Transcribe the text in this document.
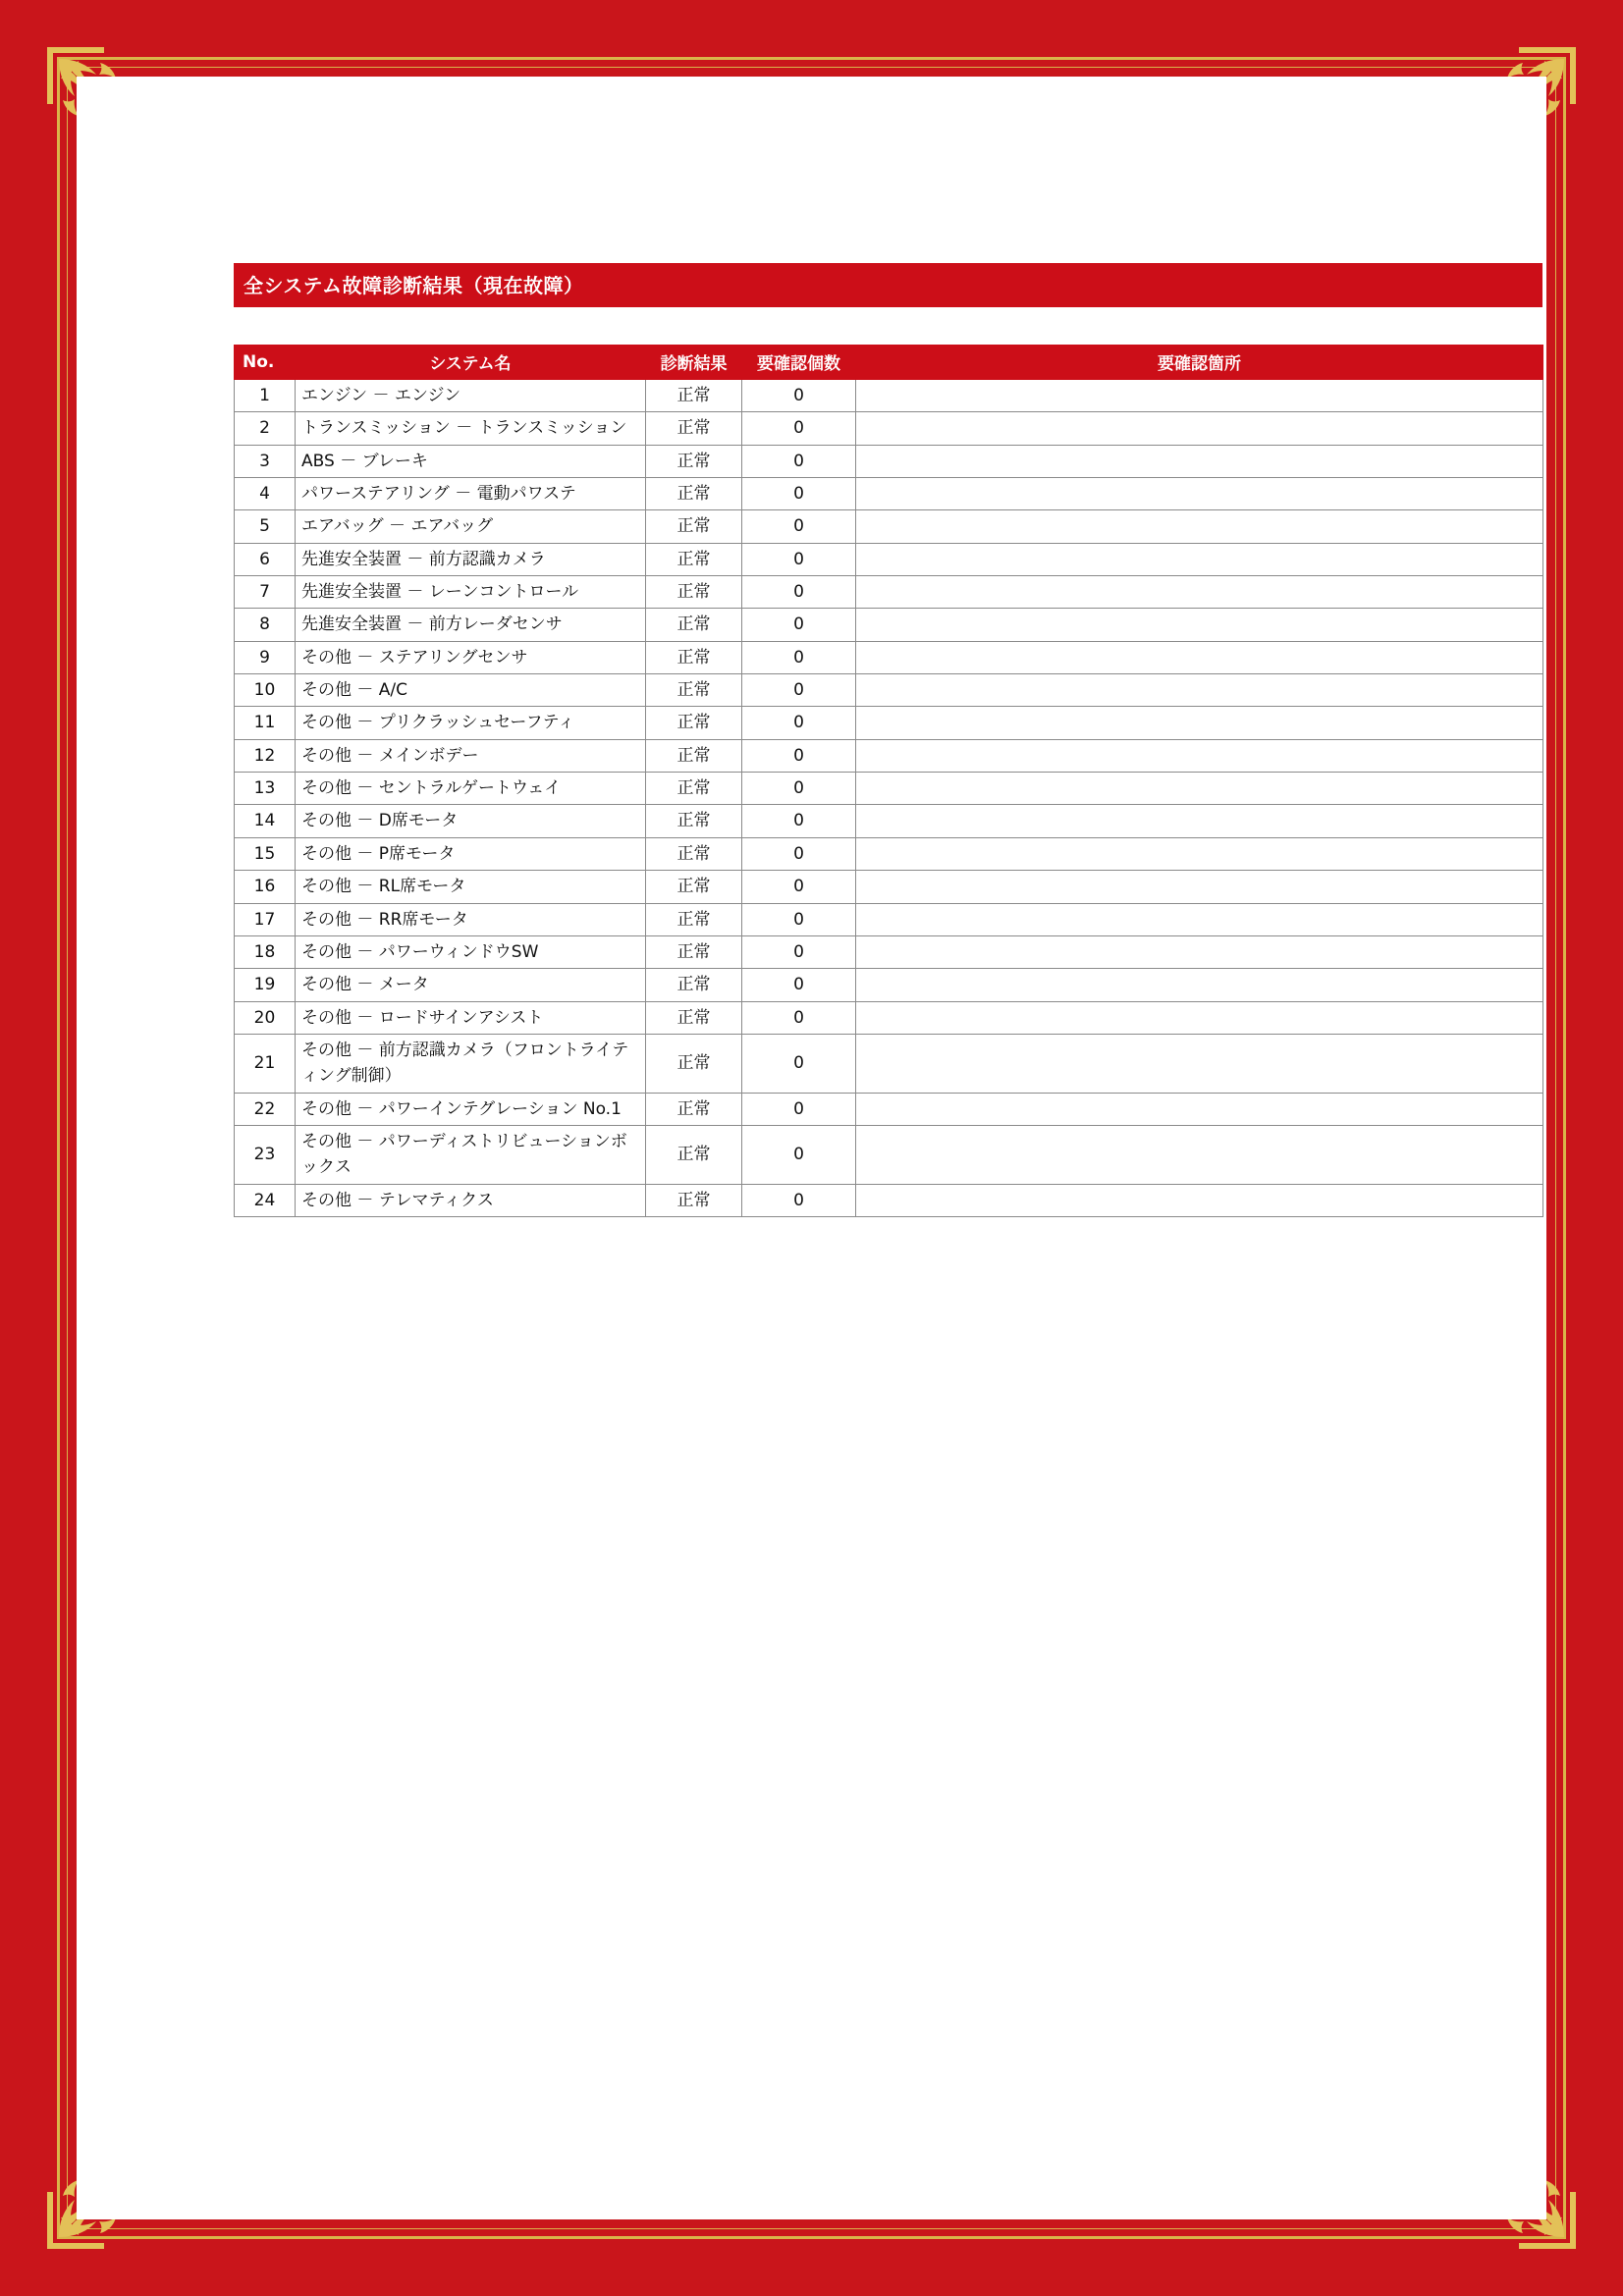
全システム故障診断結果（現在故障）
No.	システム名	診断結果	要確認個数	要確認箇所
1	エンジン － エンジン	正常	0	
2	トランスミッション － トランスミッション	正常	0	
3	ABS － ブレーキ	正常	0	
4	パワーステアリング － 電動パワステ	正常	0	
5	エアバッグ － エアバッグ	正常	0	
6	先進安全装置 － 前方認識カメラ	正常	0	
7	先進安全装置 － レーンコントロール	正常	0	
8	先進安全装置 － 前方レーダセンサ	正常	0	
9	その他 － ステアリングセンサ	正常	0	
10	その他 － A/C	正常	0	
11	その他 － プリクラッシュセーフティ	正常	0	
12	その他 － メインボデー	正常	0	
13	その他 － セントラルゲートウェイ	正常	0	
14	その他 － D席モータ	正常	0	
15	その他 － P席モータ	正常	0	
16	その他 － RL席モータ	正常	0	
17	その他 － RR席モータ	正常	0	
18	その他 － パワーウィンドウSW	正常	0	
19	その他 － メータ	正常	0	
20	その他 － ロードサインアシスト	正常	0	
21	その他 － 前方認識カメラ（フロントライティング制御）	正常	0	
22	その他 － パワーインテグレーション No.1	正常	0	
23	その他 － パワーディストリビューションボックス	正常	0	
24	その他 － テレマティクス	正常	0	
